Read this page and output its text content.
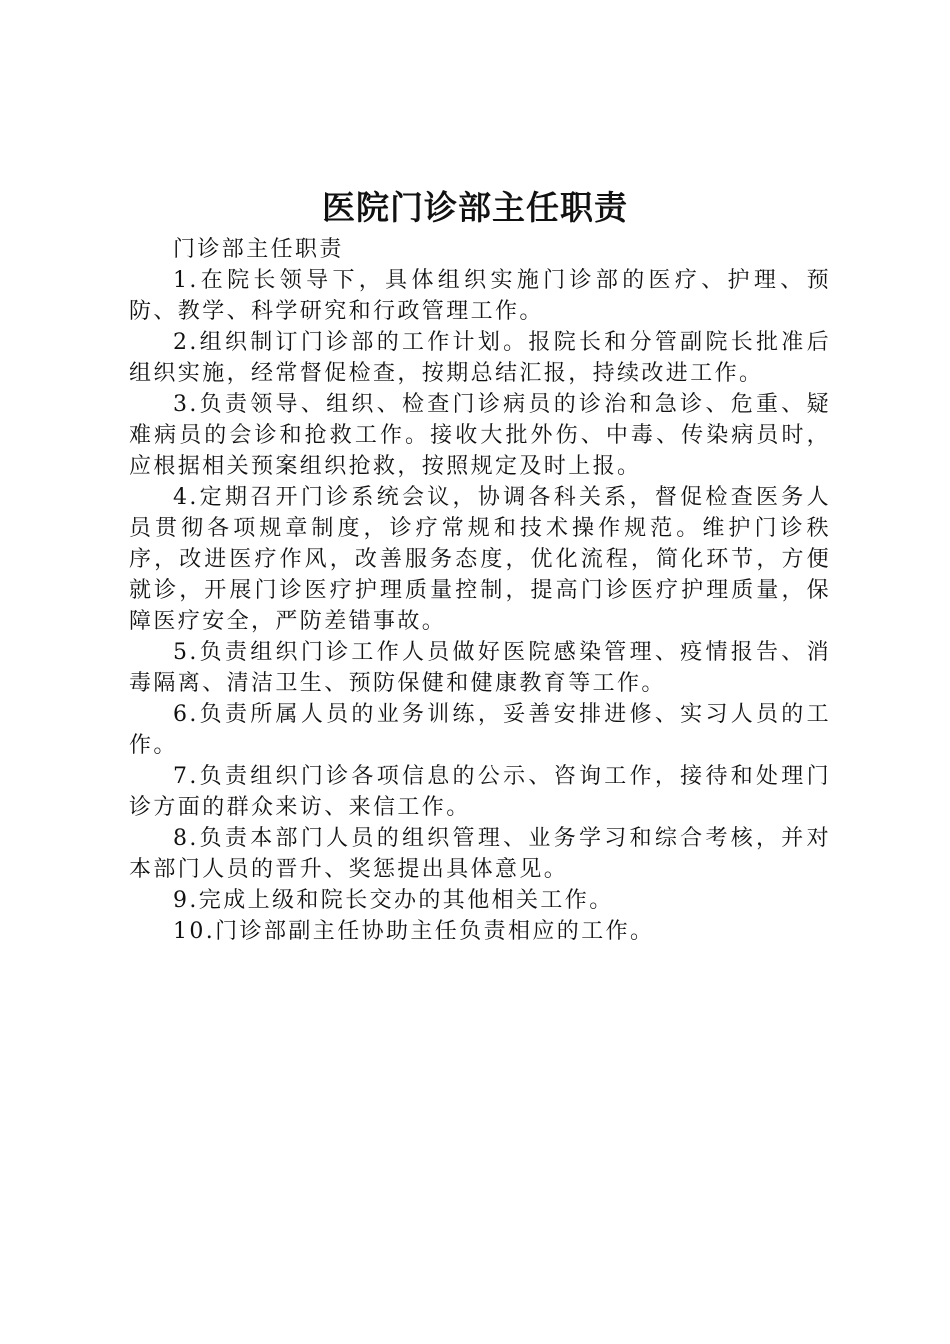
医院门诊部主任职责

门诊部主任职责

1.在院长领导下，具体组织实施门诊部的医疗、护理、预防、教学、科学研究和行政管理工作。

2.组织制订门诊部的工作计划。报院长和分管副院长批准后组织实施，经常督促检查，按期总结汇报，持续改进工作。

3.负责领导、组织、检查门诊病员的诊治和急诊、危重、疑难病员的会诊和抢救工作。接收大批外伤、中毒、传染病员时，应根据相关预案组织抢救，按照规定及时上报。

4.定期召开门诊系统会议，协调各科关系，督促检查医务人员贯彻各项规章制度，诊疗常规和技术操作规范。维护门诊秩序，改进医疗作风，改善服务态度，优化流程，简化环节，方便就诊，开展门诊医疗护理质量控制，提高门诊医疗护理质量，保障医疗安全，严防差错事故。

5.负责组织门诊工作人员做好医院感染管理、疫情报告、消毒隔离、清洁卫生、预防保健和健康教育等工作。

6.负责所属人员的业务训练，妥善安排进修、实习人员的工作。

7.负责组织门诊各项信息的公示、咨询工作，接待和处理门诊方面的群众来访、来信工作。

8.负责本部门人员的组织管理、业务学习和综合考核，并对本部门人员的晋升、奖惩提出具体意见。

9.完成上级和院长交办的其他相关工作。

10.门诊部副主任协助主任负责相应的工作。
